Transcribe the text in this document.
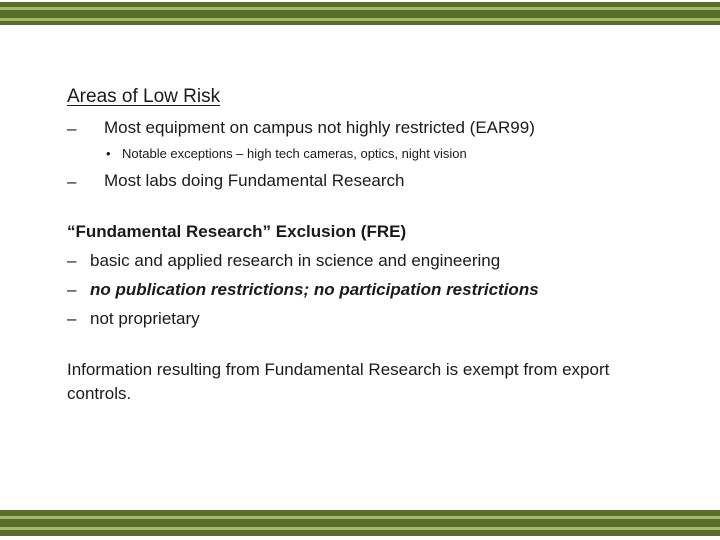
Areas of Low Risk
– Most equipment on campus not highly restricted (EAR99)
• Notable exceptions – high tech cameras, optics, night vision
– Most labs doing Fundamental Research
“Fundamental Research” Exclusion (FRE)
– basic and applied research in science and engineering
– no publication restrictions; no participation restrictions
– not proprietary
Information resulting from Fundamental Research is exempt from export controls.
